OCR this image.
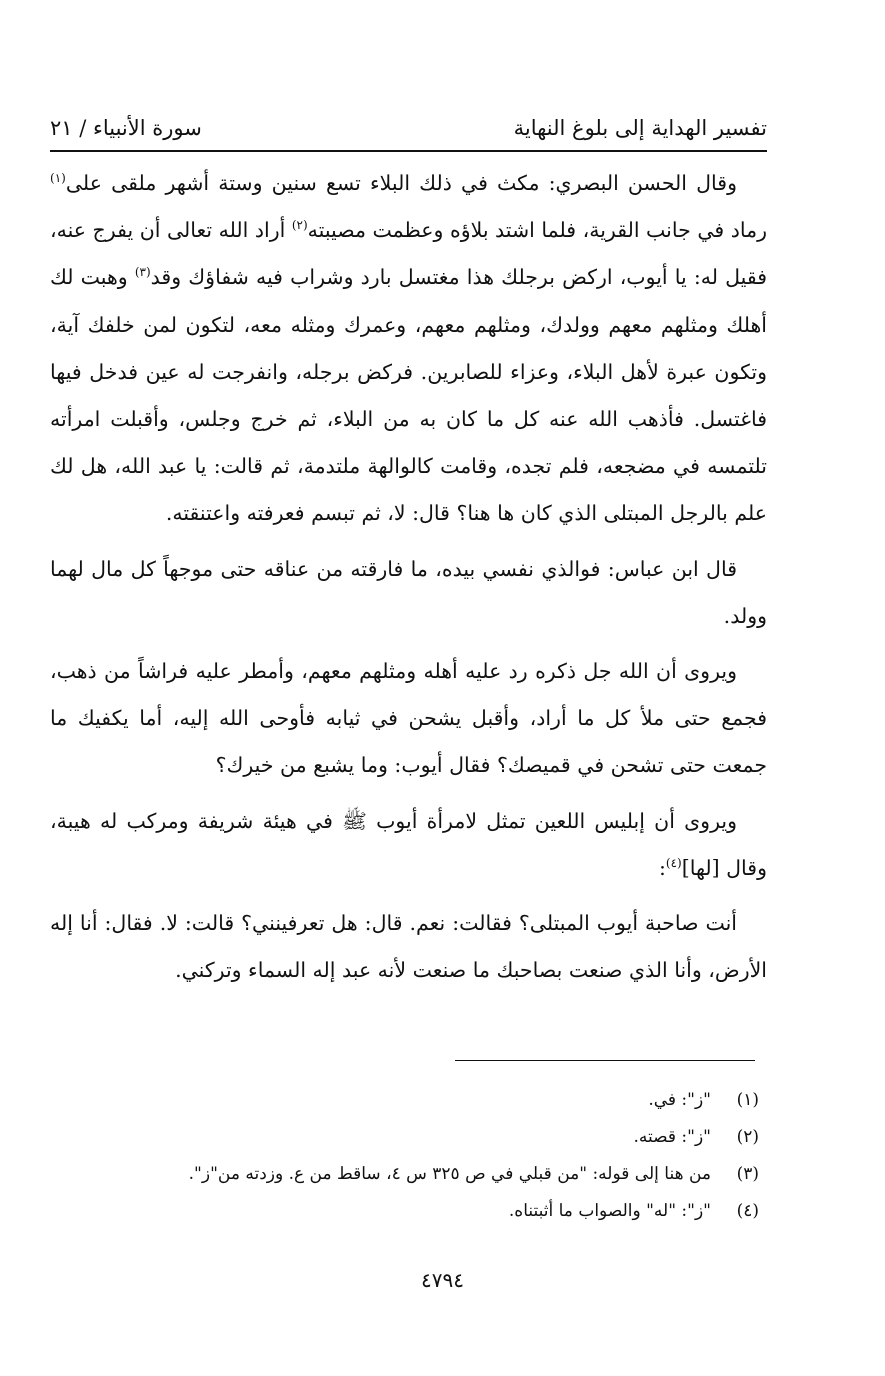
تفسير الهداية إلى بلوغ النهاية
سورة الأنبياء / ٢١

وقال الحسن البصري: مكث في ذلك البلاء تسع سنين وستة أشهر ملقى على$^{(١)}$ رماد في جانب القرية، فلما اشتد بلاؤه وعظمت مصيبته$^{(٢)}$ أراد الله تعالى أن يفرج عنه، فقيل له: يا أيوب، اركض برجلك هذا مغتسل بارد وشراب فيه شفاؤك وقد$^{(٣)}$ وهبت لك أهلك ومثلهم معهم وولدك، ومثلهم معهم، وعمرك ومثله معه، لتكون لمن خلفك آية، وتكون عبرة لأهل البلاء، وعزاء للصابرين. فركض برجله، وانفرجت له عين فدخل فيها فاغتسل. فأذهب الله عنه كل ما كان به من البلاء، ثم خرج وجلس، وأقبلت امرأته تلتمسه في مضجعه، فلم تجده، وقامت كالوالهة ملتدمة، ثم قالت: يا عبد الله، هل لك علم بالرجل المبتلى الذي كان ها هنا؟ قال: لا، ثم تبسم فعرفته واعتنقته.

قال ابن عباس: فوالذي نفسي بيده، ما فارقته من عناقه حتى موجهاً كل مال لهما وولد.

ويروى أن الله جل ذكره رد عليه أهله ومثلهم معهم، وأمطر عليه فراشاً من ذهب، فجمع حتى ملأ كل ما أراد، وأقبل يشحن في ثيابه فأوحى الله إليه، أما يكفيك ما جمعت حتى تشحن في قميصك؟ فقال أيوب: وما يشبع من خيرك؟

ويروى أن إبليس اللعين تمثل لامرأة أيوب ﷺ في هيئة شريفة ومركب له هيبة، وقال [لها]$^{(٤)}$:

أنت صاحبة أيوب المبتلى؟ فقالت: نعم. قال: هل تعرفينني؟ قالت: لا. فقال: أنا إله الأرض، وأنا الذي صنعت بصاحبك ما صنعت لأنه عبد إله السماء وتركني.

(١)"ز": في.
(٢)"ز": قصته.
(٣)من هنا إلى قوله: "من قبلي في ص ٣٢٥ س ٤، ساقط من ع. وزدته من"ز".
(٤)"ز": "له" والصواب ما أثبتناه.
٤٧٩٤
